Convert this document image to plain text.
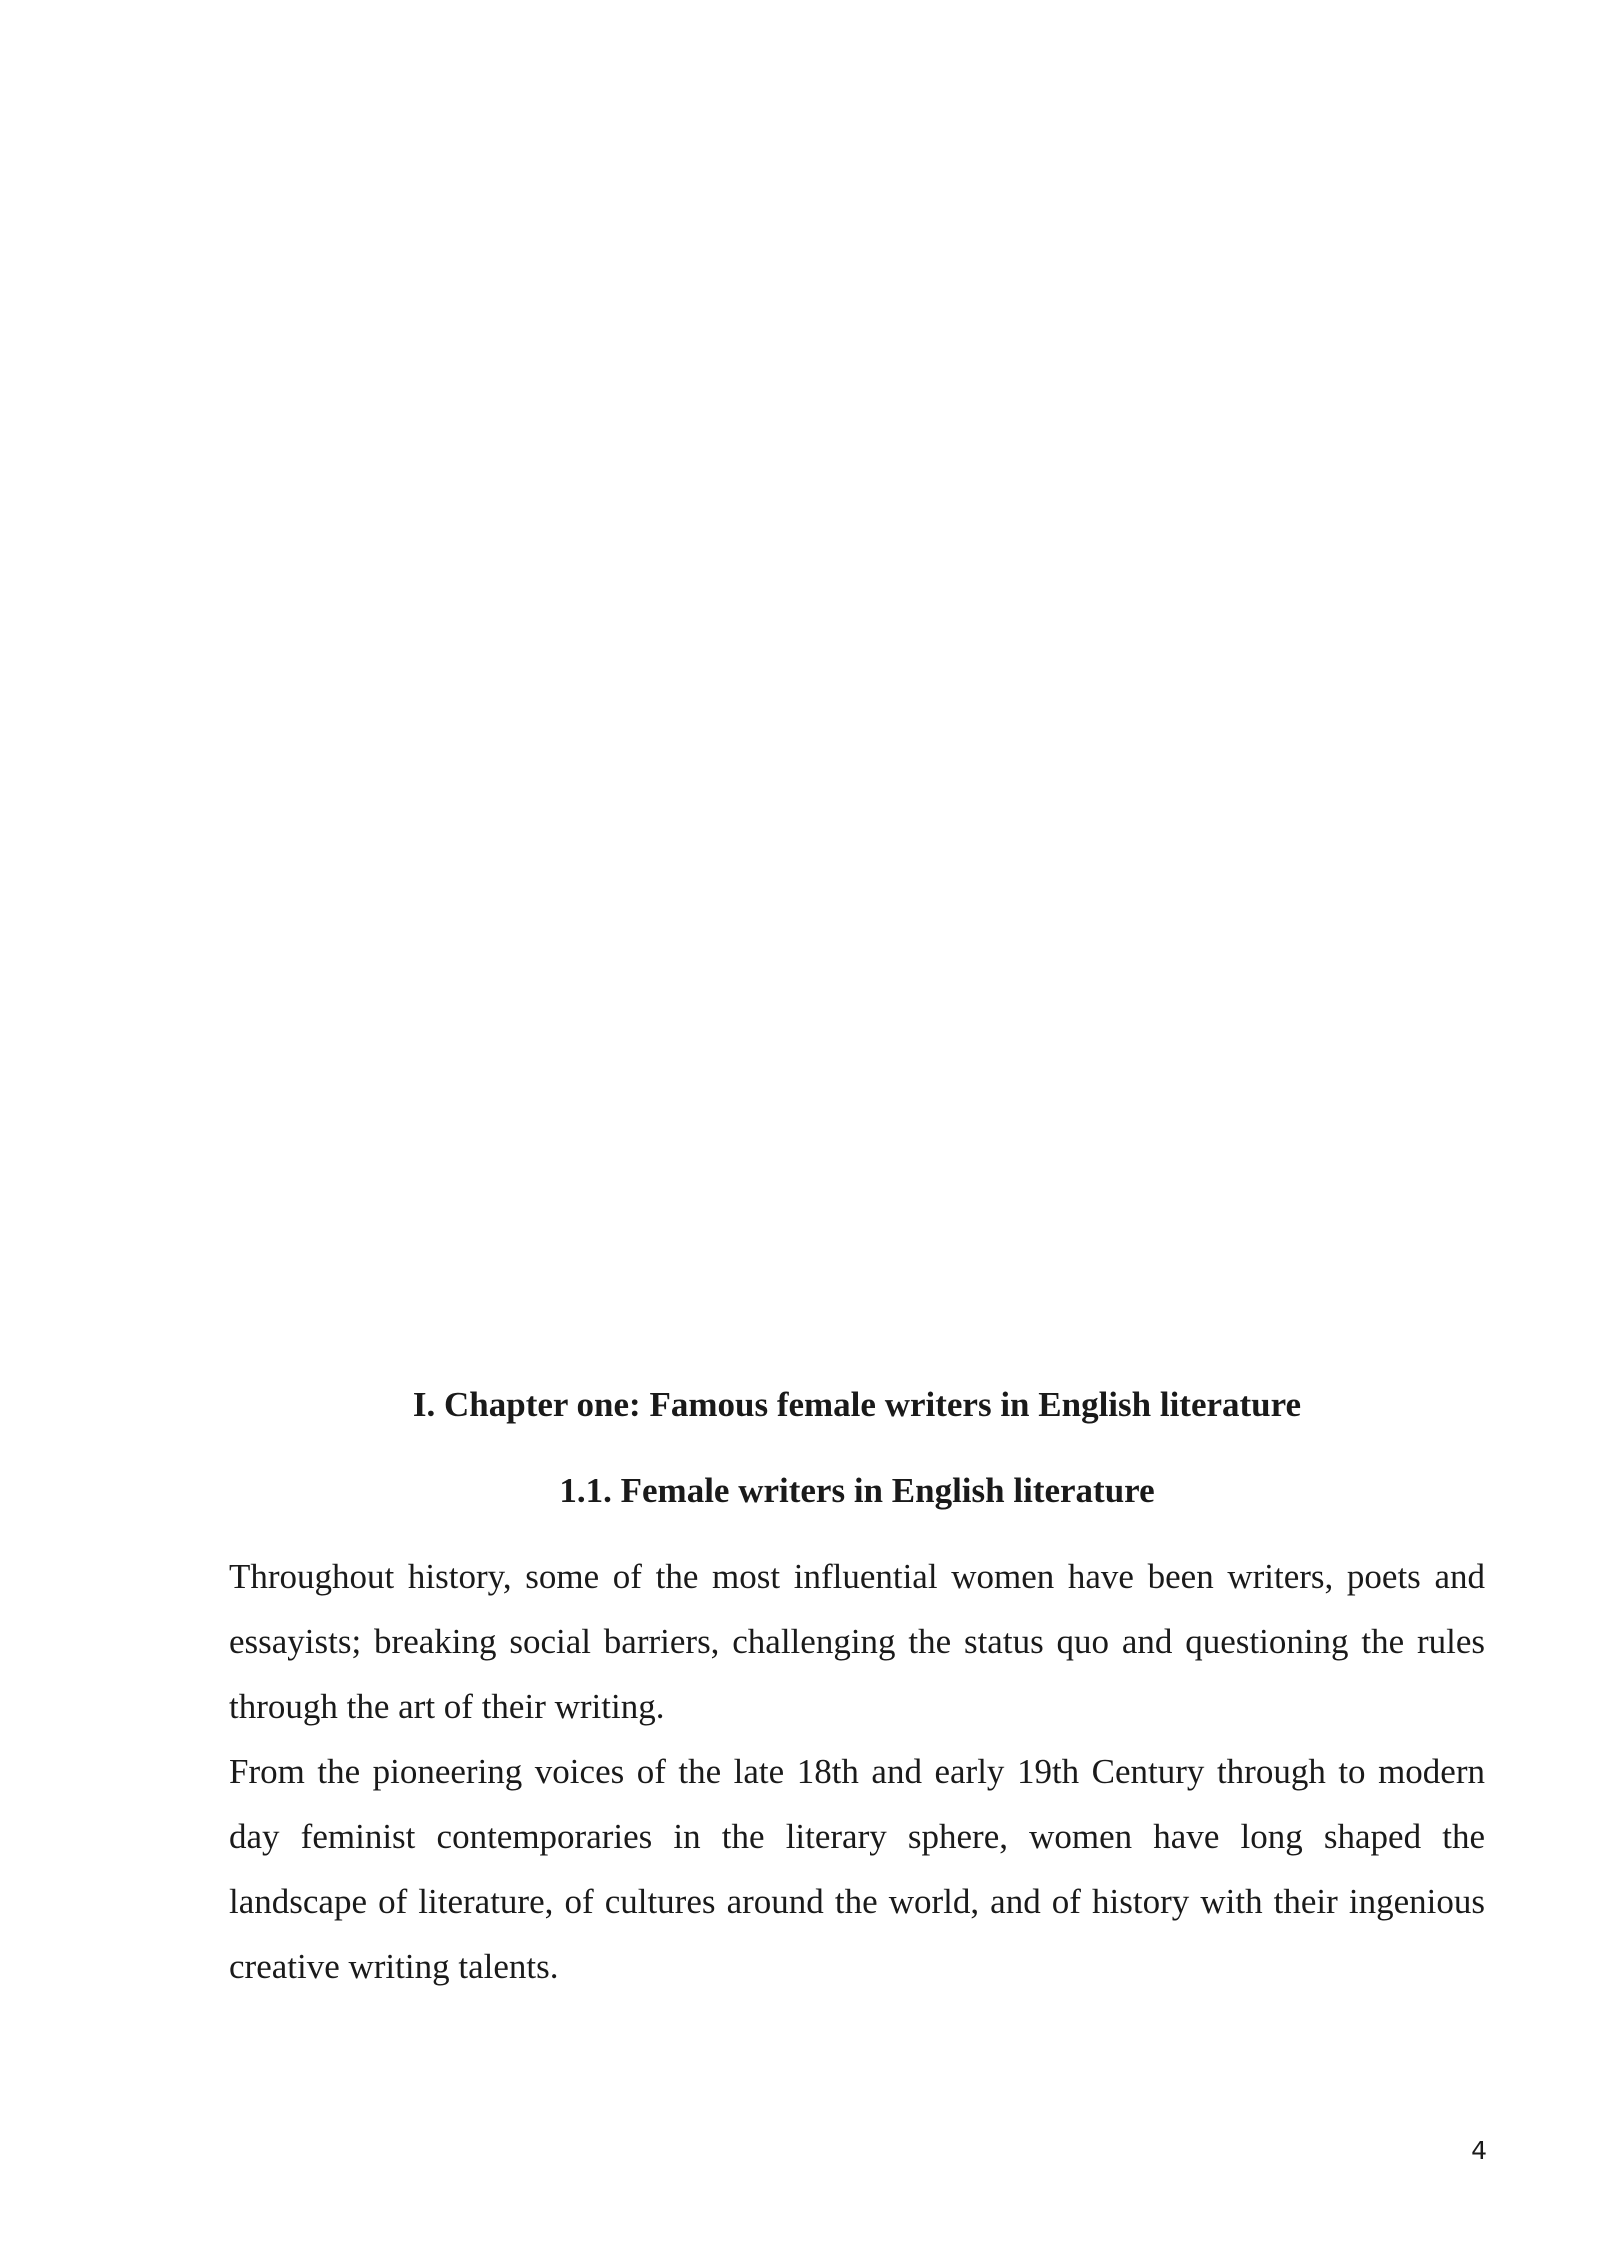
I. Chapter one: Famous female writers in English literature
1.1. Female writers in English literature

Throughout history, some of the most influential women have been writers, poets and essayists; breaking social barriers, challenging the status quo and questioning the rules through the art of their writing.

From the pioneering voices of the late 18th and early 19th Century through to modern day feminist contemporaries in the literary sphere, women have long shaped the landscape of literature, of cultures around the world, and of history with their ingenious creative writing talents.

4
